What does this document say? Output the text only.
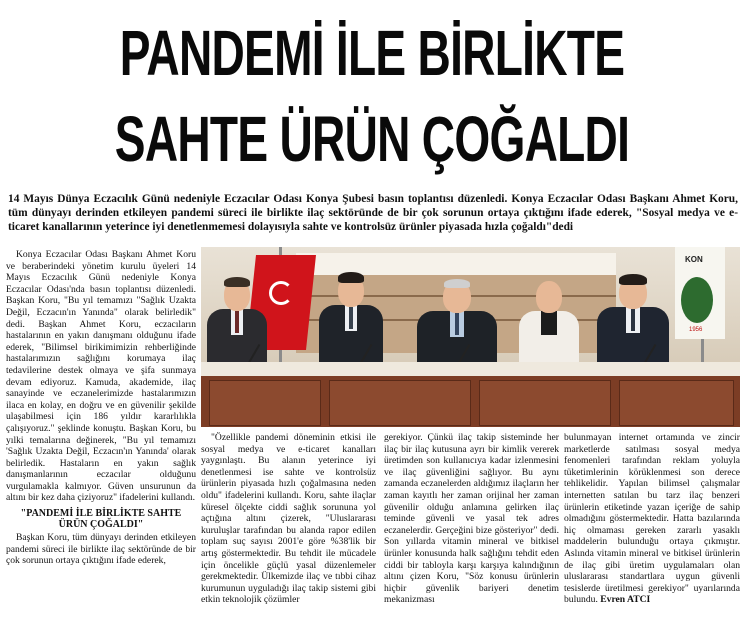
PANDEMİ İLE BİRLİKTE
SAHTE ÜRÜN ÇOĞALDI
14 Mayıs Dünya Eczacılık Günü nedeniyle Eczacılar Odası Konya Şubesi basın toplantısı düzenledi. Konya Eczacılar Odası Başkanı Ahmet Koru, tüm dünyayı derinden etkileyen pandemi süreci ile birlikte ilaç sektöründe de bir çok sorunun ortaya çıktığını ifade ederek, "Sosyal medya ve e-ticaret kanallarının yeterince iyi denetlenmemesi dolayısıyla sahte ve kontrolsüz ürünler piyasada hızla çoğaldı"dedi

Konya Eczacılar Odası Başkanı Ahmet Koru ve beraberindeki yönetim kurulu üyeleri 14 Mayıs Eczacılık Günü nedeniyle Konya Eczacılar Odası'nda basın toplantısı düzenledi. Başkan Koru, "Bu yıl temamızı "Sağlık Uzakta Değil, Eczacın'ın Yanında" olarak belirledik" dedi. Başkan Ahmet Koru, eczacıların hastalarının en yakın danışmanı olduğunu ifade ederek, "Bilimsel birikimimizin rehberliğinde hastalarımızın sağlığını korumaya ilaç tedavilerine destek olmaya ve şifa sunmaya devam ediyoruz. Kamuda, akademide, ilaç sanayinde ve eczanelerimizde hastalarımızın ilaca en kolay, en doğru ve en güvenilir şekilde ulaşabilmesi için 186 yıldır kararlılıkla çalışıyoruz." şeklinde konuştu. Başkan Koru, bu yılki temalarına değinerek, "Bu yıl temamızı 'Sağlık Uzakta Değil, Eczacın'ın Yanında' olarak belirledik. Hastaların en yakın sağlık danışmanlarının eczacılar olduğunu vurgulamakla kalmıyor. Güven unsurunun da altını bir kez daha çiziyoruz" ifadelerini kullandı.

"PANDEMİ İLE BİRLİKTE SAHTE ÜRÜN ÇOĞALDI"

Başkan Koru, tüm dünyayı derinden etkileyen pandemi süreci ile birlikte ilaç sektöründe de bir çok sorunun ortaya çıktığını ifade ederek,

KON
1956

"Özellikle pandemi döneminin etkisi ile sosyal medya ve e-ticaret kanalları yaygınlaştı. Bu alanın yeterince iyi denetlenmesi ise sahte ve kontrolsüz ürünlerin piyasada hızlı çoğalmasına neden oldu" ifadelerini kullandı. Koru, sahte ilaçlar küresel ölçekte ciddi sağlık sorununa yol açtığına altını çizerek, "Uluslararası kuruluşlar tarafından bu alanda rapor edilen toplam suç sayısı 2001'e göre %38'lik bir artış göstermektedir. Bu tehdit ile mücadele için öncelikle güçlü yasal düzenlemeler gerekmektedir. Ülkemizde ilaç ve tıbbi cihaz kurumunun uyguladığı ilaç takip sistemi gibi etkin teknolojik çözümler

gerekiyor. Çünkü ilaç takip sisteminde her ilaç bir ilaç kutusuna ayrı bir kimlik vererek üretimden son kullanıcıya kadar izlenmesini ve ilaç güvenliğini sağlıyor. Bu aynı zamanda eczanelerden aldığımız ilaçların her zaman kayıtlı her zaman orijinal her zaman güvenilir olduğu anlamına gelirken ilaç teminde güvenli ve yasal tek adres eczanelerdir. Gerçeğini bize gösteriyor" dedi. Son yıllarda vitamin mineral ve bitkisel ürünler konusunda halk sağlığını tehdit eden ciddi bir tabloyla karşı karşıya kalındığının altını çizen Koru, "Söz konusu ürünlerin hiçbir güvenlik bariyeri denetim mekanizması

bulunmayan internet ortamında ve zincir marketlerde satılması sosyal medya fenomenleri tarafından reklam yoluyla tüketimlerinin körüklenmesi son derece tehlikelidir. Yapılan bilimsel çalışmalar internetten satılan bu tarz ilaç benzeri ürünlerin etiketinde yazan içeriğe de sahip olmadığını göstermektedir. Hatta bazılarında hiç olmaması gereken zararlı yasaklı maddelerin bulunduğu ortaya çıkmıştır. Aslında vitamin mineral ve bitkisel ürünlerin de ilaç gibi üretim uygulamaları olan uluslararası standartlara uygun güvenli tesislerde üretilmesi gerekiyor" uyarılarında bulundu. Evren ATCI
